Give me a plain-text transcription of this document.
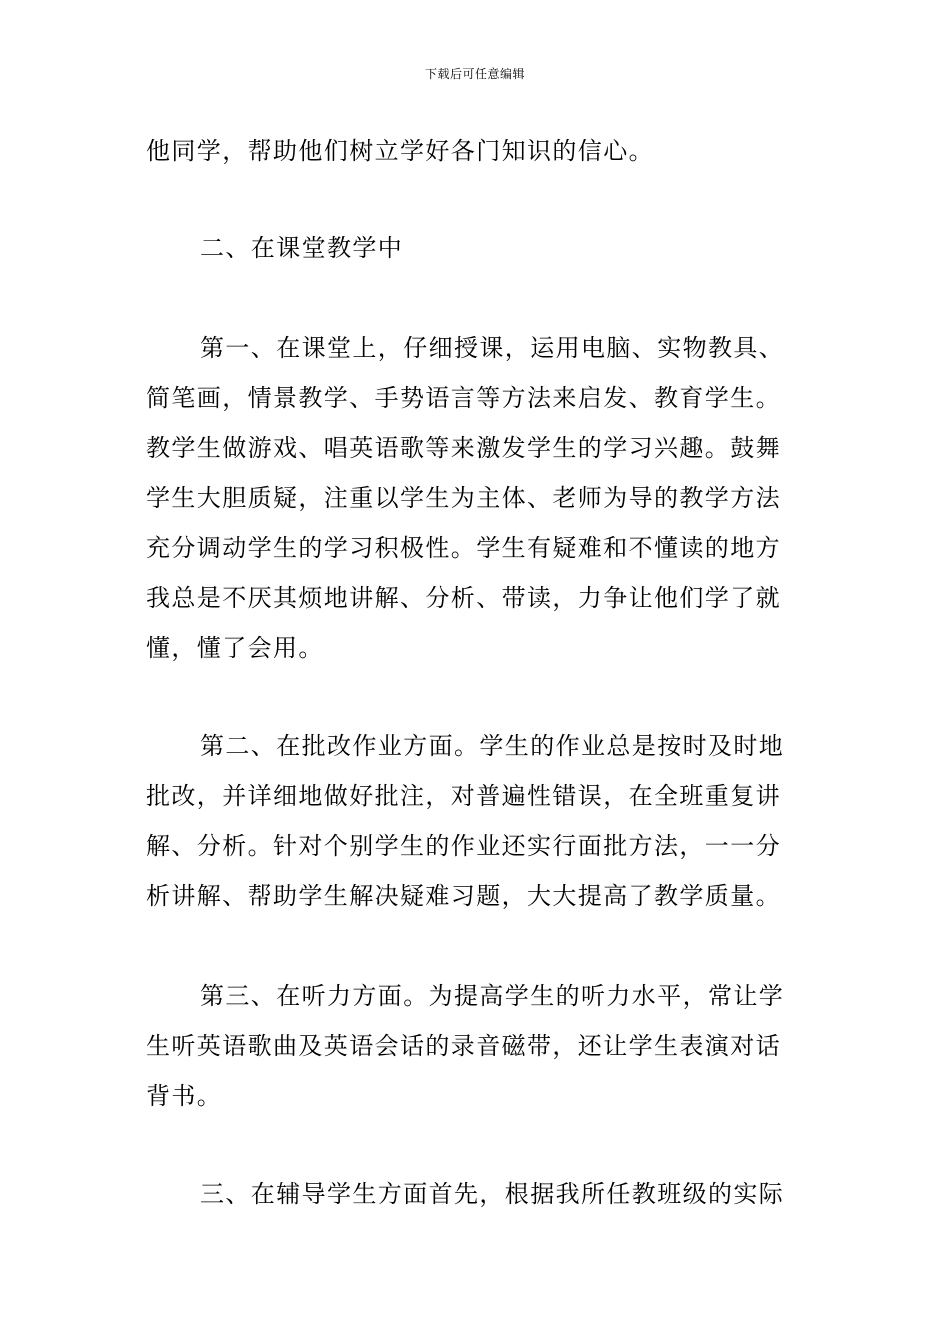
下载后可任意编辑
他同学，帮助他们树立学好各门知识的信心。
二、在课堂教学中
第一、在课堂上，仔细授课，运用电脑、实物教具、
简笔画，情景教学、手势语言等方法来启发、教育学生。
教学生做游戏、唱英语歌等来激发学生的学习兴趣。鼓舞
学生大胆质疑，注重以学生为主体、老师为导的教学方法
充分调动学生的学习积极性。学生有疑难和不懂读的地方
我总是不厌其烦地讲解、分析、带读，力争让他们学了就
懂，懂了会用。
第二、在批改作业方面。学生的作业总是按时及时地
批改，并详细地做好批注，对普遍性错误，在全班重复讲
解、分析。针对个别学生的作业还实行面批方法，一一分
析讲解、帮助学生解决疑难习题，大大提高了教学质量。
第三、在听力方面。为提高学生的听力水平，常让学
生听英语歌曲及英语会话的录音磁带，还让学生表演对话
背书。
三、在辅导学生方面首先，根据我所任教班级的实际
